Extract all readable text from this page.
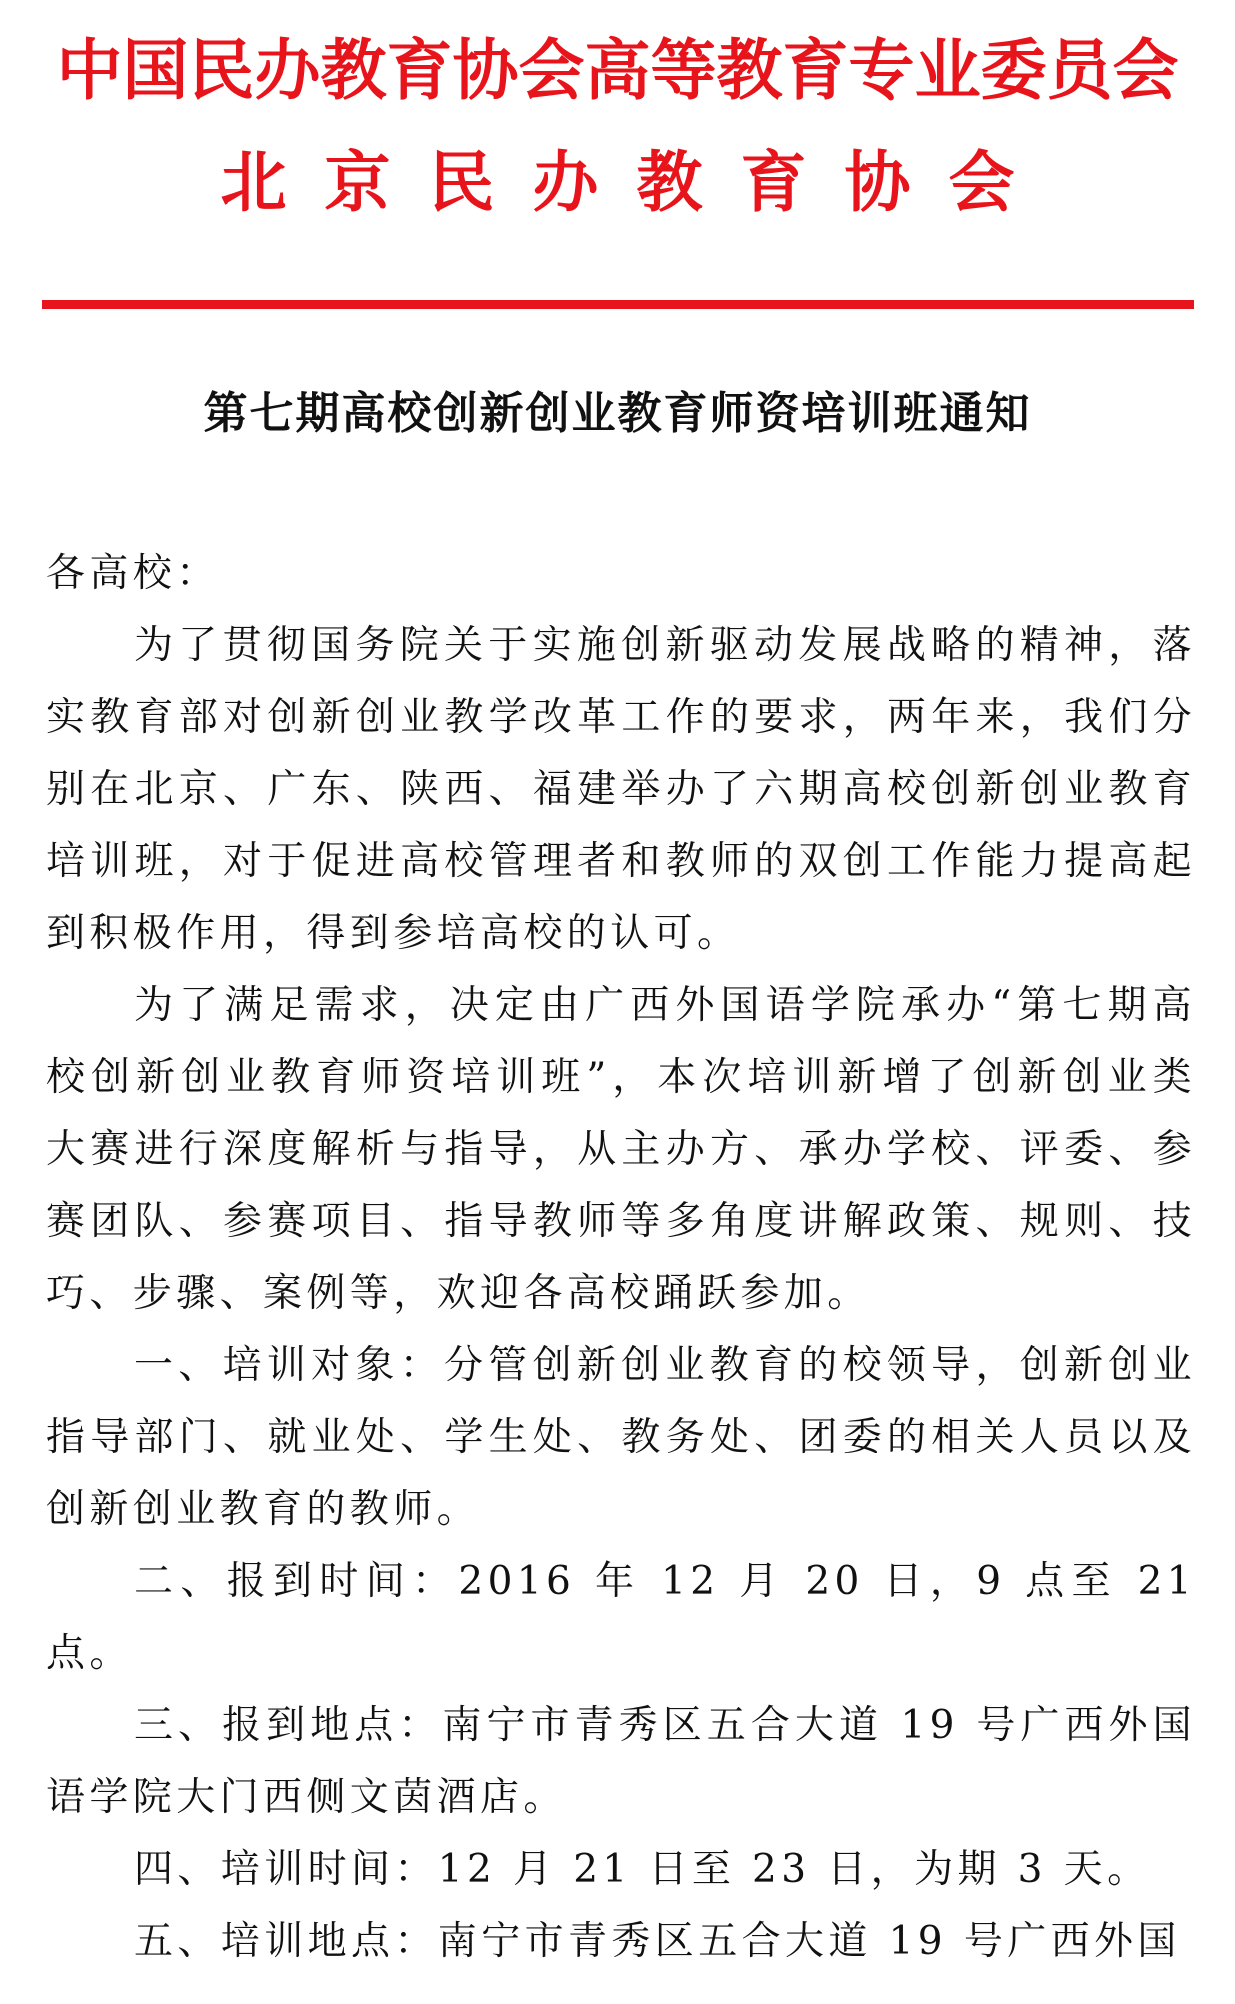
中国民办教育协会高等教育专业委员会
北京民办教育协会
第七期高校创新创业教育师资培训班通知

各高校：

为了贯彻国务院关于实施创新驱动发展战略的精神，落实教育部对创新创业教学改革工作的要求，两年来，我们分别在北京、广东、陕西、福建举办了六期高校创新创业教育培训班，对于促进高校管理者和教师的双创工作能力提高起到积极作用，得到参培高校的认可。

为了满足需求，决定由广西外国语学院承办“第七期高校创新创业教育师资培训班”，本次培训新增了创新创业类大赛进行深度解析与指导，从主办方、承办学校、评委、参赛团队、参赛项目、指导教师等多角度讲解政策、规则、技巧、步骤、案例等，欢迎各高校踊跃参加。

一、培训对象：分管创新创业教育的校领导，创新创业指导部门、就业处、学生处、教务处、团委的相关人员以及创新创业教育的教师。

二、报到时间：2016 年 12 月 20 日，9 点至 21 点。

三、报到地点：南宁市青秀区五合大道 19 号广西外国语学院大门西侧文茵酒店。

四、培训时间：12 月 21 日至 23 日，为期 3 天。

五、培训地点：南宁市青秀区五合大道 19 号广西外国
